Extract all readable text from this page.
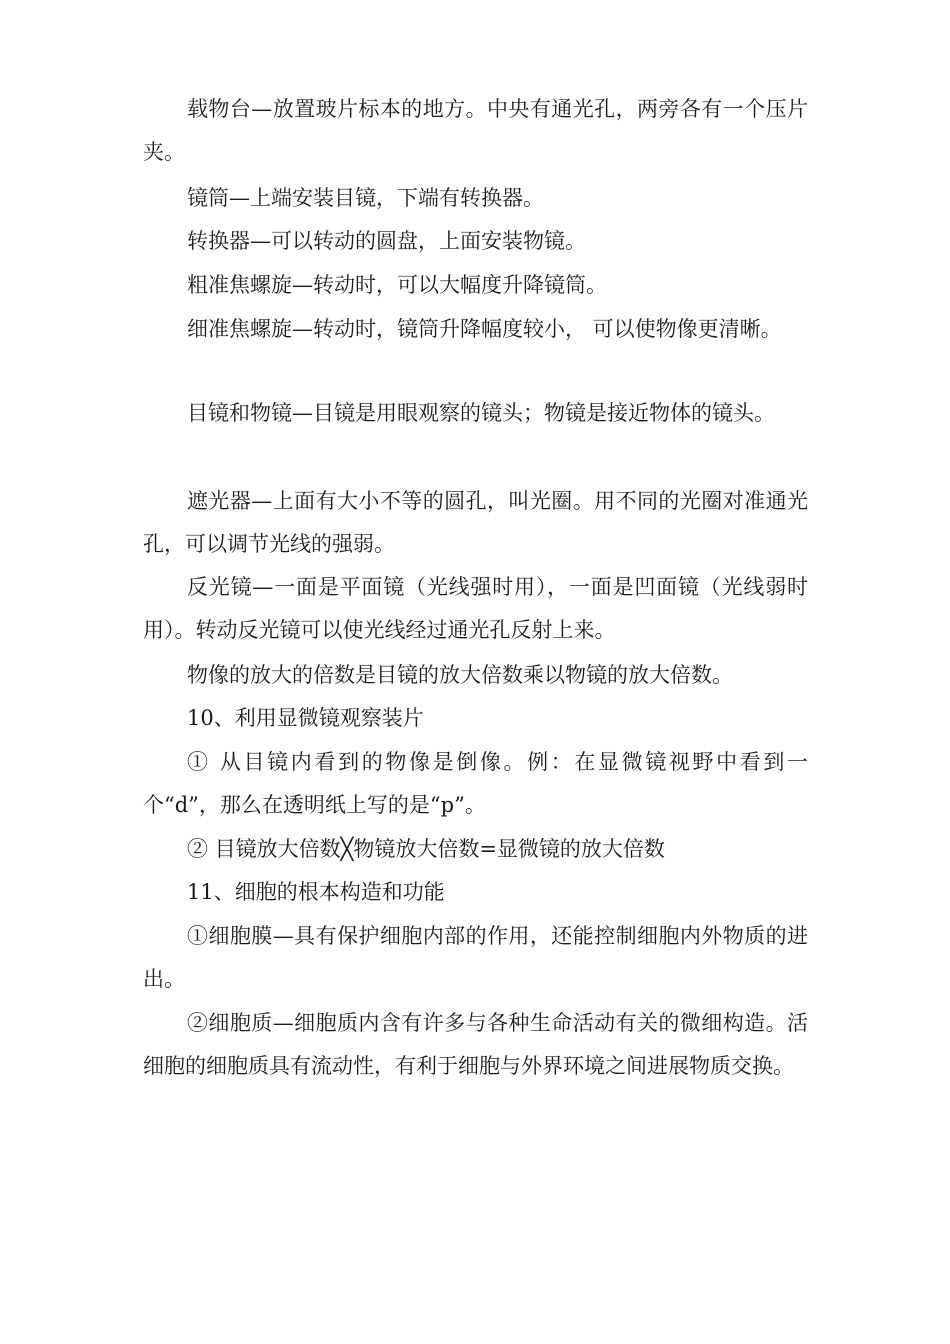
载物台—放置玻片标本的地方。中央有通光孔，两旁各有一个压片夹。

镜筒—上端安装目镜，下端有转换器。

转换器—可以转动的圆盘，上面安装物镜。

粗准焦螺旋—转动时，可以大幅度升降镜筒。

细准焦螺旋—转动时，镜筒升降幅度较小， 可以使物像更清晰。

目镜和物镜—目镜是用眼观察的镜头；物镜是接近物体的镜头。

遮光器—上面有大小不等的圆孔，叫光圈。用不同的光圈对准通光孔，可以调节光线的强弱。

反光镜—一面是平面镜（光线强时用），一面是凹面镜（光线弱时用）。转动反光镜可以使光线经过通光孔反射上来。

物像的放大的倍数是目镜的放大倍数乘以物镜的放大倍数。

10、利用显微镜观察装片

① 从目镜内看到的物像是倒像。例：在显微镜视野中看到一个“d”，那么在透明纸上写的是“p”。

② 目镜放大倍数╳物镜放大倍数=显微镜的放大倍数

11、细胞的根本构造和功能

①细胞膜—具有保护细胞内部的作用，还能控制细胞内外物质的进出。

②细胞质—细胞质内含有许多与各种生命活动有关的微细构造。活细胞的细胞质具有流动性，有利于细胞与外界环境之间进展物质交换。
